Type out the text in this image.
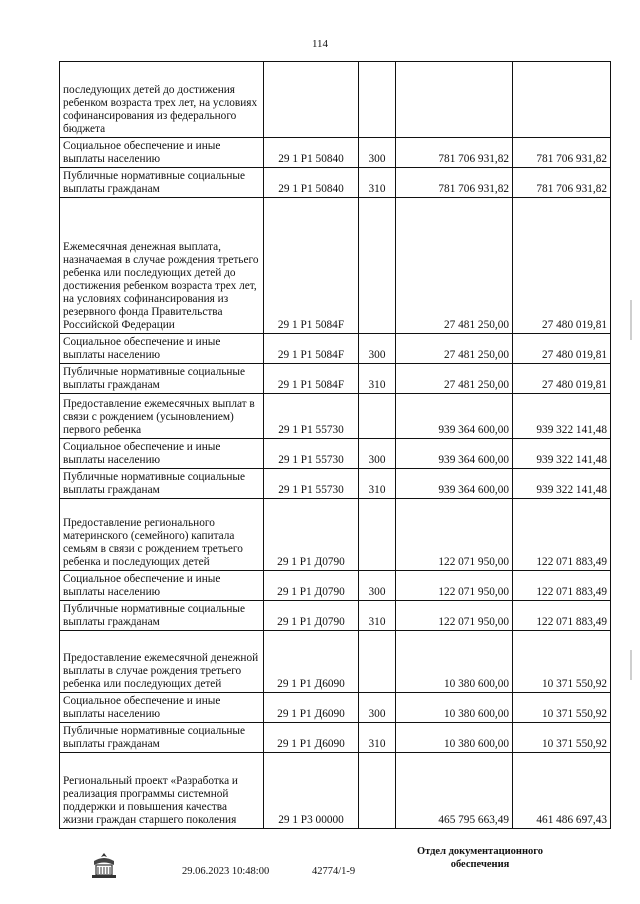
114
последующих детей до достижения ребенком возраста трех лет, на условиях софинансирования из федерального бюджета				
Социальное обеспечение и иные выплаты населению	29 1 P1 50840	300	781 706 931,82	781 706 931,82
Публичные нормативные социальные выплаты гражданам	29 1 P1 50840	310	781 706 931,82	781 706 931,82
Ежемесячная денежная выплата, назначаемая в случае рождения третьего ребенка или последующих детей до достижения ребенком возраста трех лет, на условиях софинансирования из резервного фонда Правительства Российской Федерации	29 1 P1 5084F		27 481 250,00	27 480 019,81
Социальное обеспечение и иные выплаты населению	29 1 P1 5084F	300	27 481 250,00	27 480 019,81
Публичные нормативные социальные выплаты гражданам	29 1 P1 5084F	310	27 481 250,00	27 480 019,81
Предоставление ежемесячных выплат в связи с рождением (усыновлением) первого ребенка	29 1 P1 55730		939 364 600,00	939 322 141,48
Социальное обеспечение и иные выплаты населению	29 1 P1 55730	300	939 364 600,00	939 322 141,48
Публичные нормативные социальные выплаты гражданам	29 1 P1 55730	310	939 364 600,00	939 322 141,48
Предоставление регионального материнского (семейного) капитала семьям в связи с рождением третьего ребенка и последующих детей	29 1 P1 Д0790		122 071 950,00	122 071 883,49
Социальное обеспечение и иные выплаты населению	29 1 P1 Д0790	300	122 071 950,00	122 071 883,49
Публичные нормативные социальные выплаты гражданам	29 1 P1 Д0790	310	122 071 950,00	122 071 883,49
Предоставление ежемесячной денежной выплаты в случае рождения третьего ребенка или последующих детей	29 1 P1 Д6090		10 380 600,00	10 371 550,92
Социальное обеспечение и иные выплаты населению	29 1 P1 Д6090	300	10 380 600,00	10 371 550,92
Публичные нормативные социальные выплаты гражданам	29 1 P1 Д6090	310	10 380 600,00	10 371 550,92
Региональный проект «Разработка и реализация программы системной поддержки и повышения качества жизни граждан старшего поколения	29 1 P3 00000		465 795 663,49	461 486 697,43
29.06.2023 10:48:00	42774/1-9
Отдел документационного
обеспечения
